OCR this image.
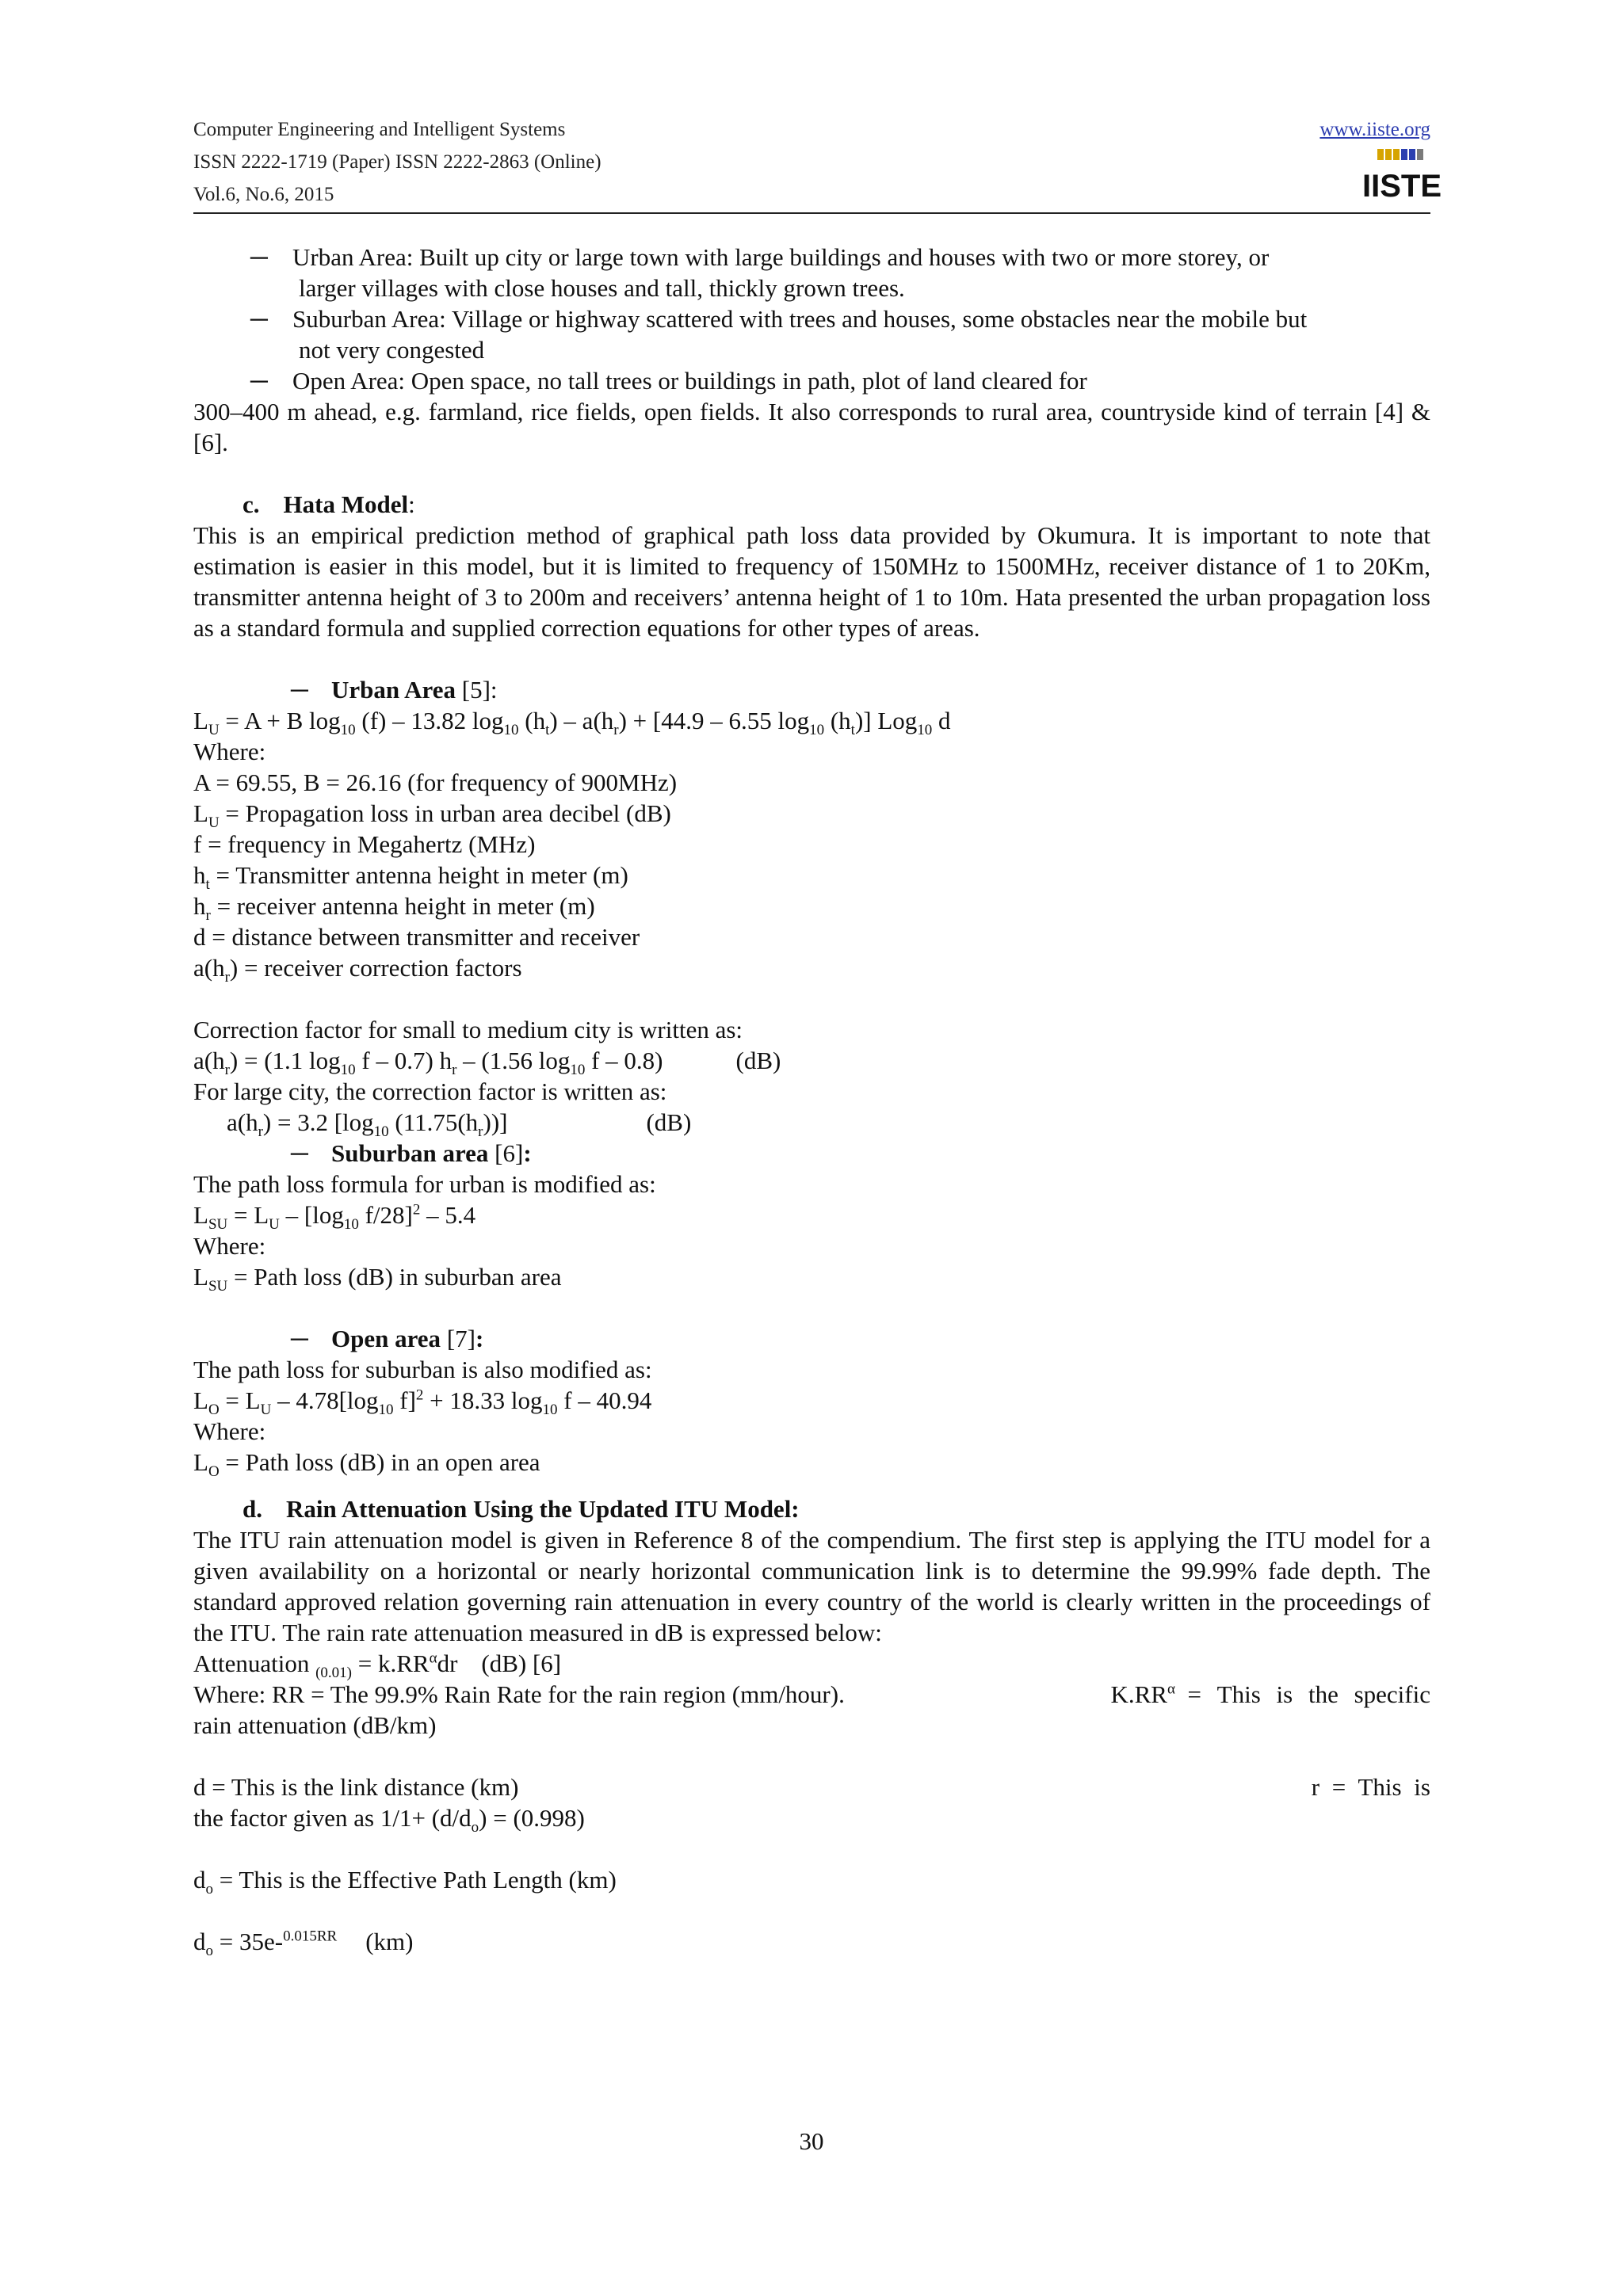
Computer Engineering and Intelligent Systems
ISSN 2222-1719 (Paper) ISSN 2222-2863 (Online)
Vol.6, No.6, 2015
www.iiste.org
IISTE
─ Urban Area: Built up city or large town with large buildings and houses with two or more storey, or
larger villages with close houses and tall, thickly grown trees.
─ Suburban Area: Village or highway scattered with trees and houses, some obstacles near the mobile but
not very congested
─ Open Area: Open space, no tall trees or buildings in path, plot of land cleared for

300–400 m ahead, e.g. farmland, rice fields, open fields. It also corresponds to rural area, countryside kind of terrain [4] & [6].

c. Hata Model:

This is an empirical prediction method of graphical path loss data provided by Okumura. It is important to note that estimation is easier in this model, but it is limited to frequency of 150MHz to 1500MHz, receiver distance of 1 to 20Km, transmitter antenna height of 3 to 200m and receivers’ antenna height of 1 to 10m. Hata presented the urban propagation loss as a standard formula and supplied correction equations for other types of areas.

─ Urban Area [5]:
$L_U = A + B$ $\log_{10} (f) - 13.82$ $\log_{10} (h_t) - a(h_r) + [44.9 - 6.55$ $\log_{10} (h_t)$] Log$_{10}$ d
Where:
A = 69.55, B = 26.16 (for frequency of 900MHz)
$L_U$ = Propagation loss in urban area decibel (dB)
f = frequency in Megahertz (MHz)
$h_t$ = Transmitter antenna height in meter (m)
$h_r$ = receiver antenna height in meter (m)
d = distance between transmitter and receiver
$a(h_r)$ = receiver correction factors
Correction factor for small to medium city is written as:
$a(h_r) = (1.1$ $\log_{10} f - 0.7$) $h_r - (1.56$ $\log_{10} f - 0.8$)	(dB)
For large city, the correction factor is written as:
$a(h_r) = 3.2$ [$\log_{10}$ $(11.75(h_r))$]	(dB)
─ Suburban area [6]:
The path loss formula for urban is modified as:
$L_{SU} = L_U - [\log_{10}$ f/28]$^2$ – 5.4
Where:
$L_{SU}$ = Path loss (dB) in suburban area
─ Open area [7]:
The path loss for suburban is also modified as:
$L_O = L_U - 4.78[\log_{10}$ f]$^2$ + 18.33 $\log_{10} f - 40.94$
Where:
$L_O$ = Path loss (dB) in an open area
d. Rain Attenuation Using the Updated ITU Model:

The ITU rain attenuation model is given in Reference 8 of the compendium. The first step is applying the ITU model for a given availability on a horizontal or nearly horizontal communication link is to determine the 99.99% fade depth. The standard approved relation governing rain attenuation in every country of the world is clearly written in the proceedings of the ITU. The rain rate attenuation measured in dB is expressed below:

Attenuation $_{(0.01)} = k.RR^\alpha dr$ (dB) [6]
Where: RR = The 99.9% Rain Rate for the rain region (mm/hour).	$K.RR^\alpha$ = This is the specific
rain attenuation (dB/km)
d = This is the link distance (km)	r = This is
the factor given as $1/1+ (d/d_o) = (0.998)$
$d_o$ = This is the Effective Path Length (km)
$d_o = 35e-^{0.015RR}$ (km)
30
